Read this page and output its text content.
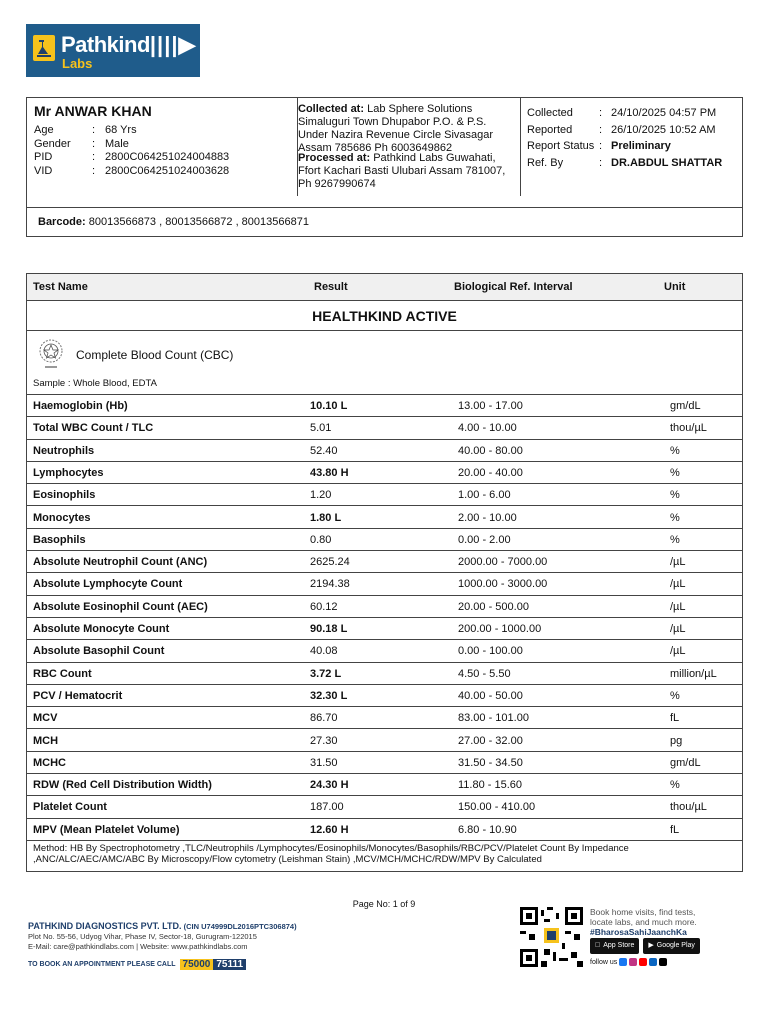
Pathkind||||▶
Labs
Mr ANWAR KHAN
Age	: 68 Yrs
Gender	: Male
PID	: 2800C064251024004883
VID	: 2800C064251024003628
Collected at: Lab Sphere Solutions
Simaluguri Town Dhupabor P.O. & P.S.
Under Nazira Revenue Circle Sivasagar
Assam 785686 Ph 6003649862
Processed at: Pathkind Labs Guwahati,
Ffort Kachari Basti Ulubari Assam 781007,
Ph 9267990674
Collected	: 24/10/2025 04:57 PM
Reported	: 26/10/2025 10:52 AM
Report Status : Preliminary
Ref. By	: DR.ABDUL SHATTAR
Barcode: 80013566873 , 80013566872 , 80013566871
Test Name	Result	Biological Ref. Interval	Unit
HEALTHKIND ACTIVE
Complete Blood Count (CBC)
Sample : Whole Blood, EDTA
Haemoglobin (Hb)	10.10 L	13.00 - 17.00	gm/dL
Total WBC Count / TLC	5.01	4.00 - 10.00	thou/µL
Neutrophils	52.40	40.00 - 80.00	%
Lymphocytes	43.80 H	20.00 - 40.00	%
Eosinophils	1.20	1.00 - 6.00	%
Monocytes	1.80 L	2.00 - 10.00	%
Basophils	0.80	0.00 - 2.00	%
Absolute Neutrophil Count (ANC)	2625.24	2000.00 - 7000.00	/µL
Absolute Lymphocyte Count	2194.38	1000.00 - 3000.00	/µL
Absolute Eosinophil Count (AEC)	60.12	20.00 - 500.00	/µL
Absolute Monocyte Count	90.18 L	200.00 - 1000.00	/µL
Absolute Basophil Count	40.08	0.00 - 100.00	/µL
RBC Count	3.72 L	4.50 - 5.50	million/µL
PCV / Hematocrit	32.30 L	40.00 - 50.00	%
MCV	86.70	83.00 - 101.00	fL
MCH	27.30	27.00 - 32.00	pg
MCHC	31.50	31.50 - 34.50	gm/dL
RDW (Red Cell Distribution Width)	24.30 H	11.80 - 15.60	%
Platelet Count	187.00	150.00 - 410.00	thou/µL
MPV (Mean Platelet Volume)	12.60 H	6.80 - 10.90	fL
Method: HB By Spectrophotometry ,TLC/Neutrophils /Lymphocytes/Eosinophils/Monocytes/Basophils/RBC/PCV/Platelet Count By Impedance
,ANC/ALC/AEC/AMC/ABC By Microscopy/Flow cytometry (Leishman Stain) ,MCV/MCH/MCHC/RDW/MPV By Calculated
Page No: 1 of 9
PATHKIND DIAGNOSTICS PVT. LTD. (CIN U74999DL2016PTC306874)
Plot No. 55-56, Udyog Vihar, Phase IV, Sector-18, Gurugram-122015
E-Mail: care@pathkindlabs.com | Website: www.pathkindlabs.com
TO BOOK AN APPOINTMENT PLEASE CALL 75000 75111
Book home visits, find tests,
locate labs, and much more.
#BharosaSahiJaanchKa
App Store ▶ Google Play
follow us
